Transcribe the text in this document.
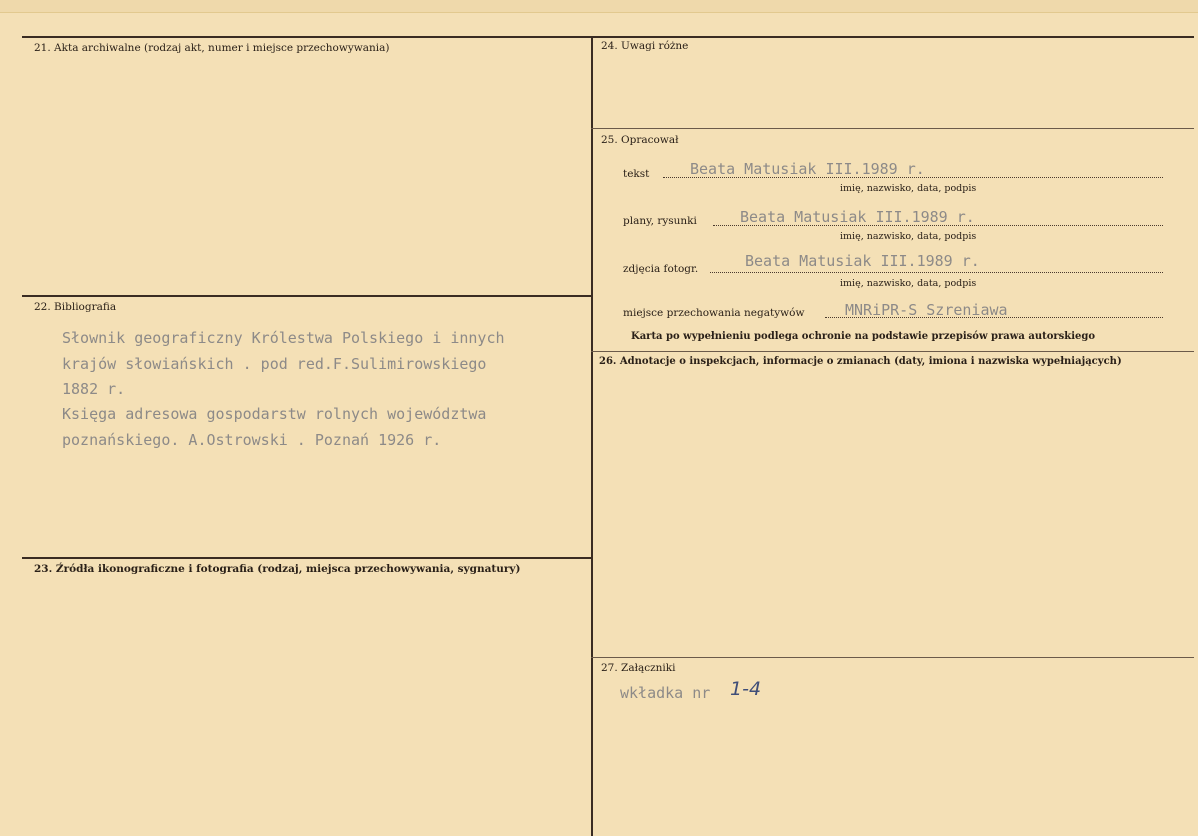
21. Akta archiwalne (rodzaj akt, numer i miejsce przechowywania)
22. Bibliografia
Słownik geograficzny Królestwa Polskiego i innych
krajów słowiańskich . pod red.F.Sulimirowskiego
1882 r.
Księga adresowa gospodarstw rolnych województwa
poznańskiego. A.Ostrowski . Poznań 1926 r.
23. Źródła ikonograficzne i fotografia (rodzaj, miejsca przechowywania, sygnatury)
24. Uwagi różne
25. Opracował
tekst	Beata Matusiak III.1989 r.
imię, nazwisko, data, podpis
plany, rysunki	Beata Matusiak III.1989 r.
imię, nazwisko, data, podpis
zdjęcia fotogr.	Beata Matusiak III.1989 r.
imię, nazwisko, data, podpis
miejsce przechowania negatywów	MNRiPR-S Szreniawa
Karta po wypełnieniu podlega ochronie na podstawie przepisów prawa autorskiego
26. Adnotacje o inspekcjach, informacje o zmianach (daty, imiona i nazwiska wypełniających)
27. Załączniki
wkładka nr 1-4
